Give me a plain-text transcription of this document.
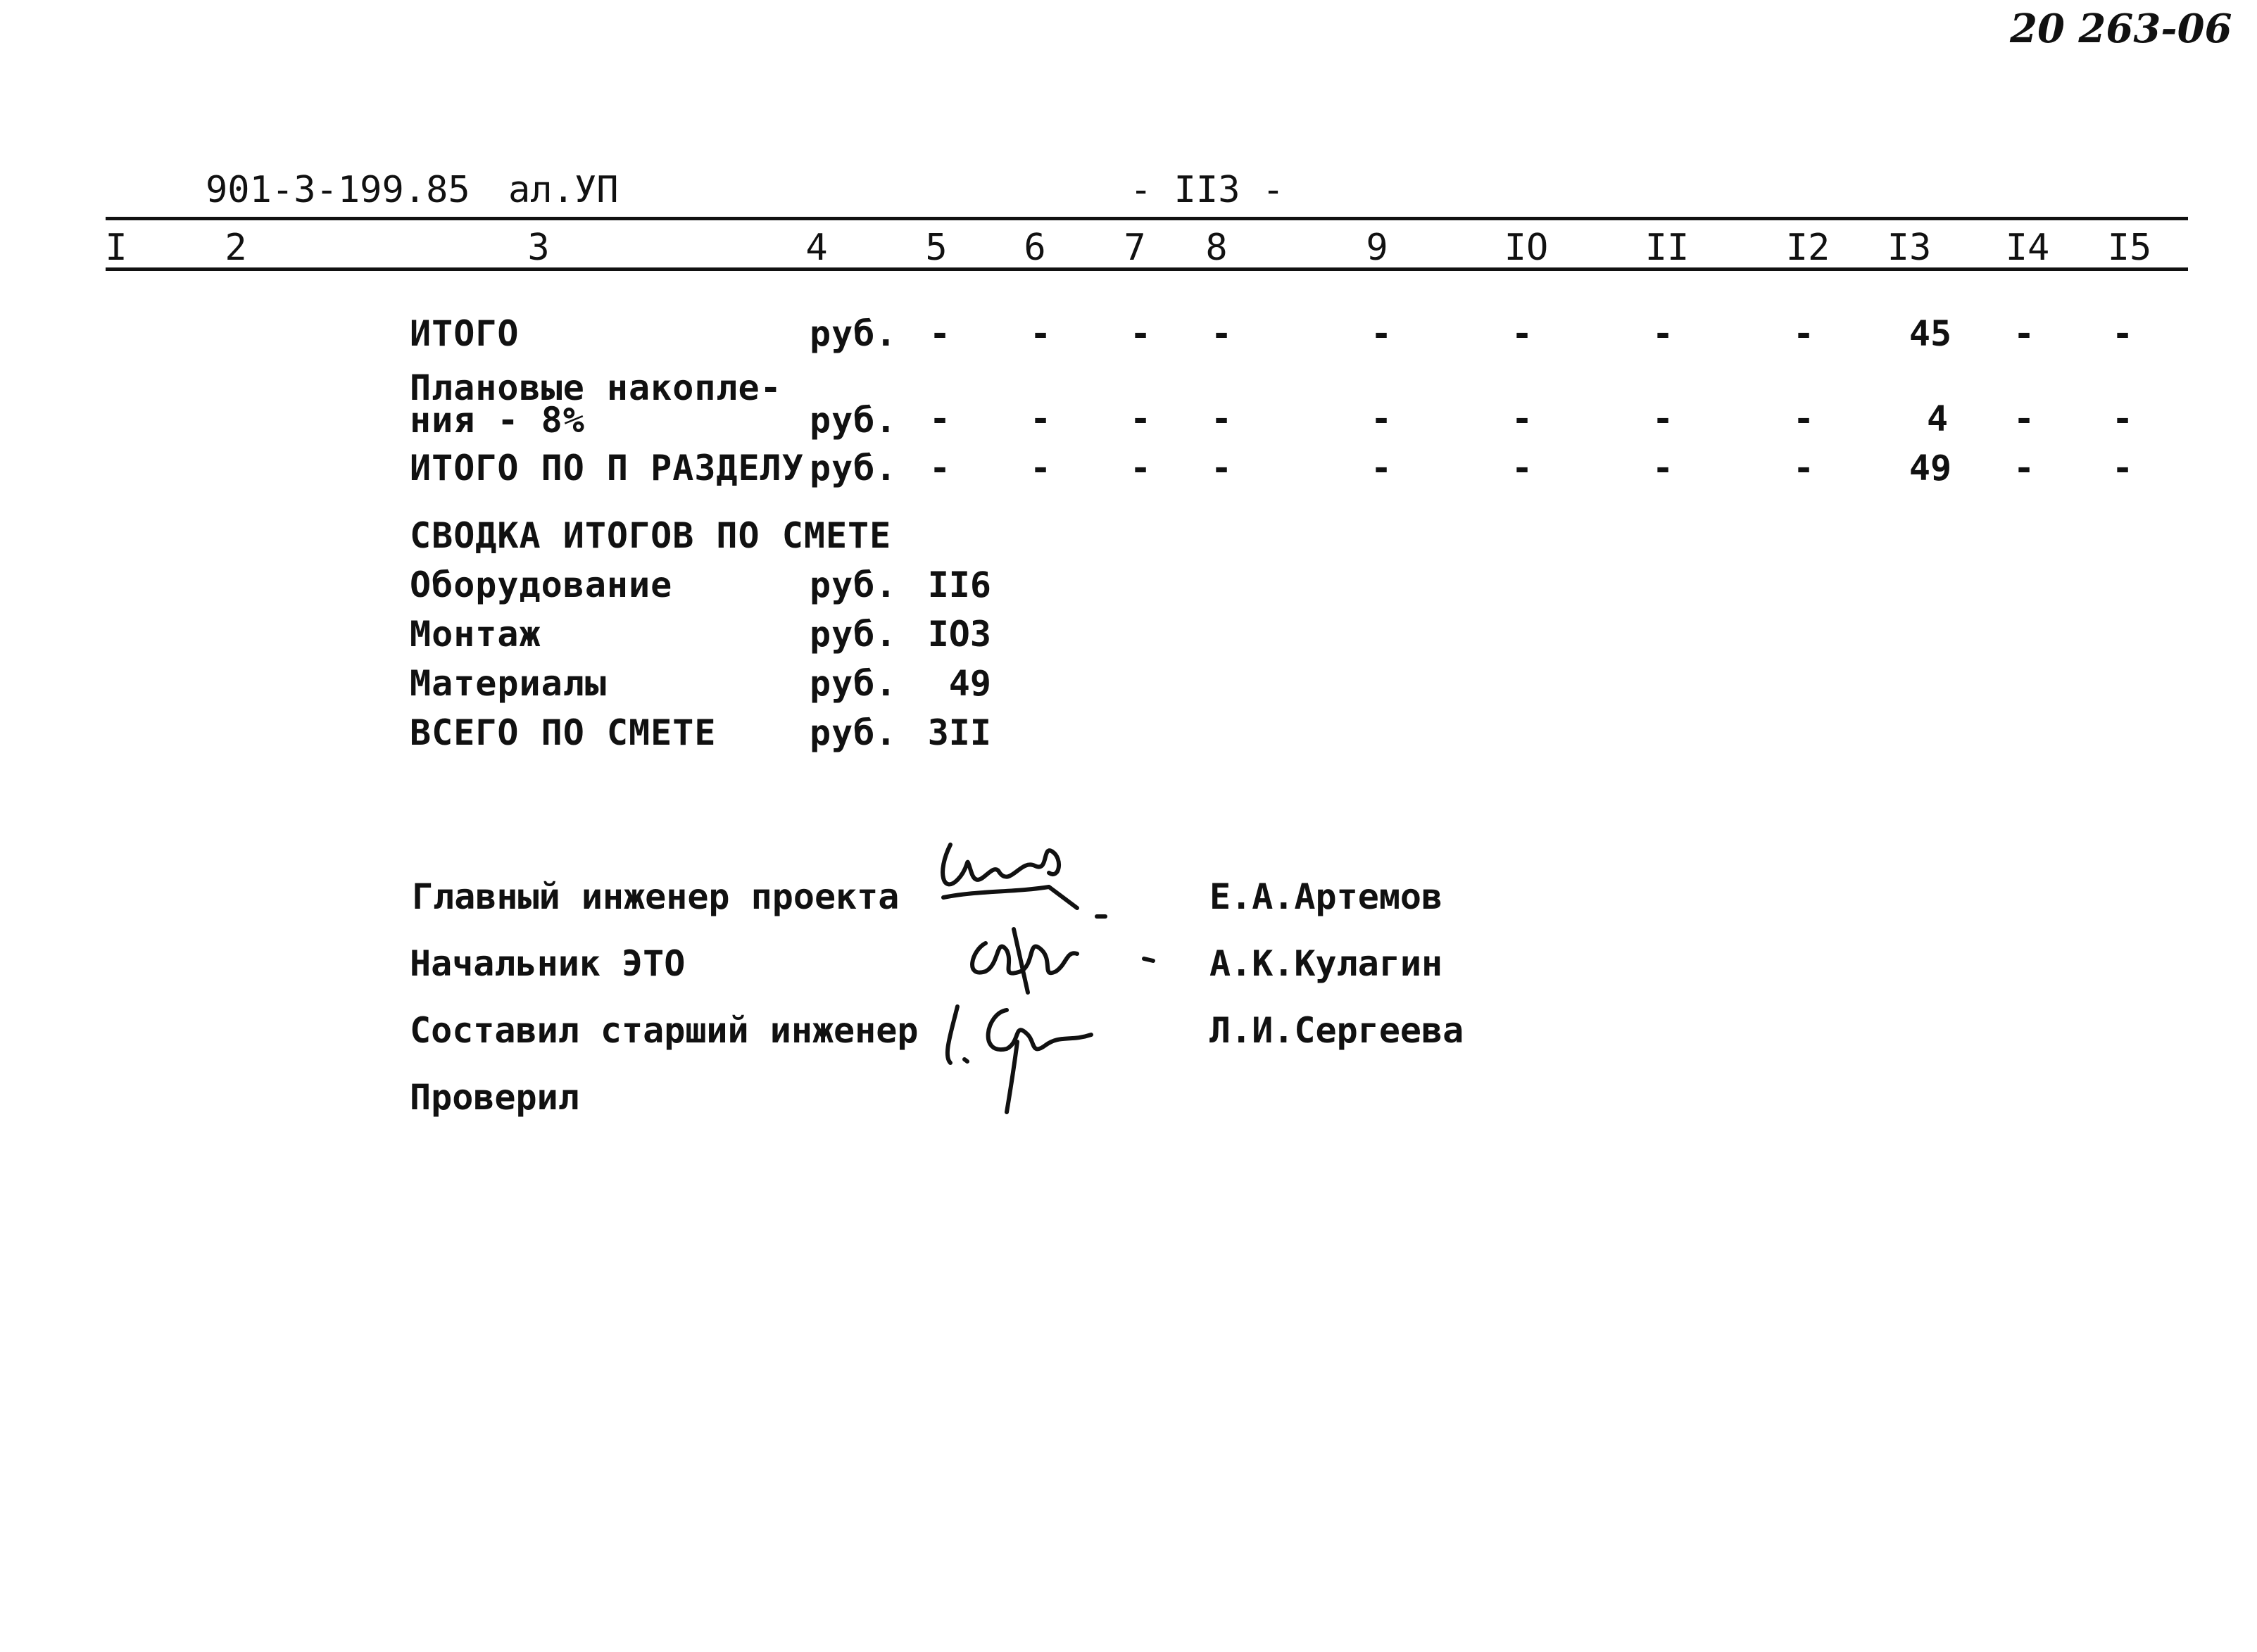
20 263-06
901-3-199.85 ал.УП	- II3 -
I	2	3	4	5 6 7 8	9	IO	II	I2 I3 I4 I5
ИТОГО	руб. - - - -	-	-	-	-	45 - -
Плановые накопле-
ния - 8%	руб. - - - -	-	-	-	-	4 - -
ИТОГО ПО П РАЗДЕЛУ руб. - - - -	-	-	-	-	49 - -
СВОДКА ИТОГОВ ПО СМЕТЕ
Оборудование	руб. II6
Монтаж	руб. IO3
Материалы	руб.	49
ВСЕГО ПО СМЕТЕ	руб. 3II
Главный инженер проекта	Е.А.Артемов
Начальник ЭТО	А.К.Кулагин
Составил старший инженер	Л.И.Сергеева
Проверил
